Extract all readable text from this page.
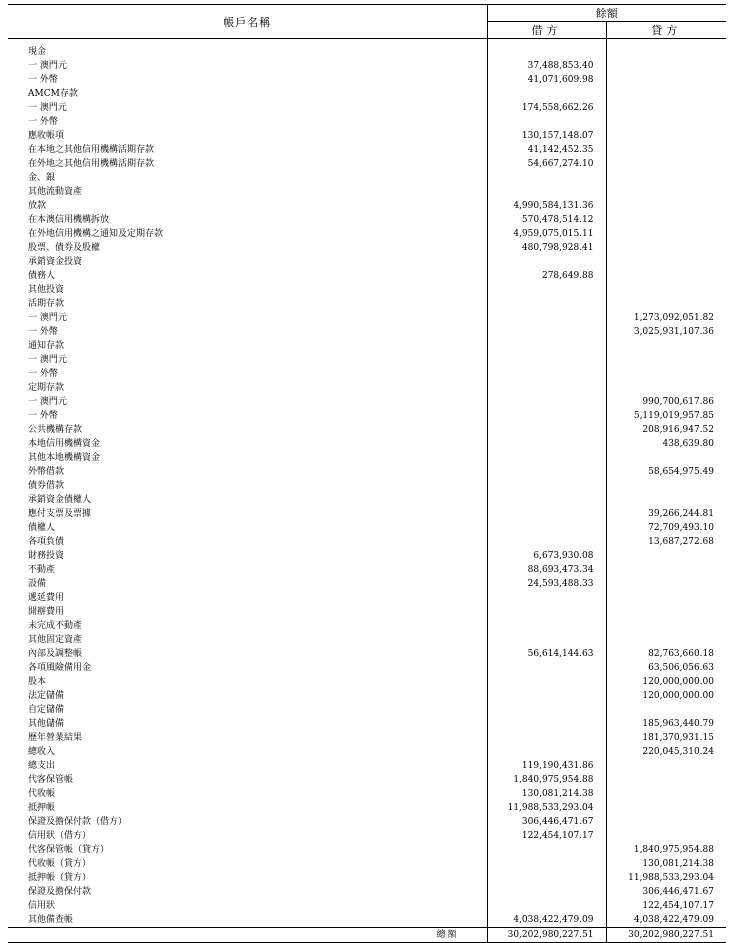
帳戶名稱	餘額	
	借方	貸方
現金		
一 澳門元	37,488,853.40	
一 外幣	41,071,609.98	
AMCM存款		
一 澳門元	174,558,662.26	
一 外幣		
應收帳項	130,157,148.07	
在本地之其他信用機構活期存款	41,142,452.35	
在外地之其他信用機構活期存款	54,667,274.10	
金、銀		
其他流動資產		
放款	4,990,584,131.36	
在本澳信用機構拆放	570,478,514.12	
在外地信用機構之通知及定期存款	4,959,075,015.11	
股票、債券及股權	480,798,928.41	
承銷資金投資		
債務人	278,649.88	
其他投資		
活期存款		
一 澳門元		1,273,092,051.82
一 外幣		3,025,931,107.36
通知存款		
一 澳門元		
一 外幣		
定期存款		
一 澳門元		990,700,617.86
一 外幣		5,119,019,957.85
公共機構存款		208,916,947.52
本地信用機構資金		438,639.80
其他本地機構資金		
外幣借款		58,654,975.49
債券借款		
承銷資金債權人		
應付支票及票據		39,266,244.81
債權人		72,709,493.10
各項負債		13,687,272.68
財務投資	6,673,930.08	
不動產	88,693,473.34	
設備	24,593,488.33	
遞延費用		
開辦費用		
未完成不動產		
其他固定資產		
內部及調整帳	56,614,144.63	82,763,660.18
各項風險備用金		63,506,056.63
股本		120,000,000.00
法定儲備		120,000,000.00
自定儲備		
其他儲備		185,963,440.79
歷年營業結果		181,370,931.15
總收入		220,045,310.24
總支出	119,190,431.86	
代客保管帳	1,840,975,954.88	
代收帳	130,081,214.38	
抵押帳	11,988,533,293.04	
保證及擔保付款（借方）	306,446,471.67	
信用狀（借方）	122,454,107.17	
代客保管帳（貸方）		1,840,975,954.88
代收帳（貸方）		130,081,214.38
抵押帳（貸方）		11,988,533,293.04
保證及擔保付款		306,446,471.67
信用狀		122,454,107.17
其他備查帳	4,038,422,479.09	4,038,422,479.09
總額	30,202,980,227.51	30,202,980,227.51
